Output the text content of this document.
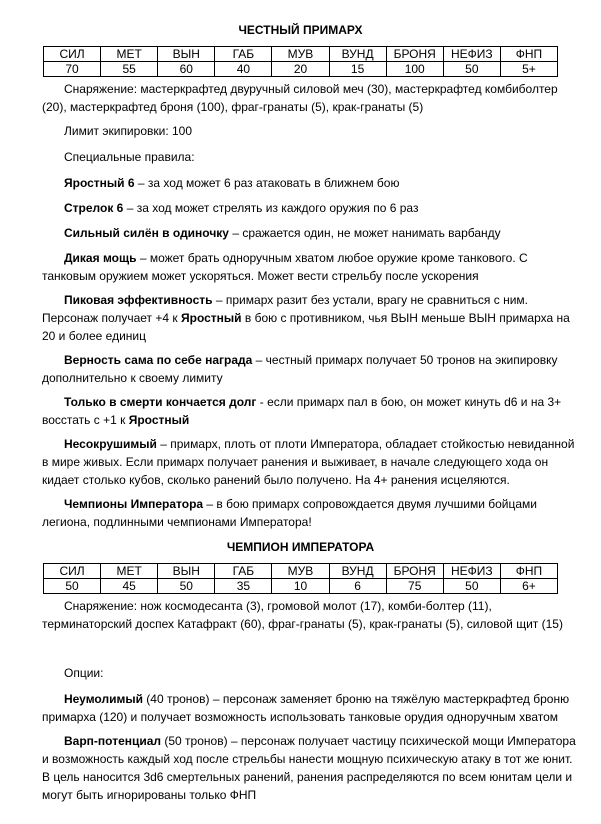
ЧЕСТНЫЙ ПРИМАРХ
СИЛ	МЕТ	ВЫН	ГАБ	МУВ	ВУНД	БРОНЯ	НЕФИЗ	ФНП
70	55	60	40	20	15	100	50	5+

Снаряжение: мастеркрафтед двуручный силовой меч (30), мастеркрафтед комбиболтер (20), мастеркрафтед броня (100), фраг-гранаты (5), крак-гранаты (5)

Лимит экипировки: 100

Специальные правила:

Яростный 6 – за ход может 6 раз атаковать в ближнем бою

Стрелок 6 – за ход может стрелять из каждого оружия по 6 раз

Сильный силён в одиночку – сражается один, не может нанимать варбанду

Дикая мощь – может брать одноручным хватом любое оружие кроме танкового. С танковым оружием может ускоряться. Может вести стрельбу после ускорения

Пиковая эффективность – примарх разит без устали, врагу не сравниться с ним. Персонаж получает +4 к Яростный в бою с противником, чья ВЫН меньше ВЫН примарха на 20 и более единиц

Верность сама по себе награда – честный примарх получает 50 тронов на экипировку дополнительно к своему лимиту

Только в смерти кончается долг - если примарх пал в бою, он может кинуть d6 и на 3+ восстать с +1 к Яростный

Несокрушимый – примарх, плоть от плоти Императора, обладает стойкостью невиданной в мире живых. Если примарх получает ранения и выживает, в начале следующего хода он кидает столько кубов, сколько ранений было получено. На 4+ ранения исцеляются.

Чемпионы Императора – в бою примарх сопровождается двумя лучшими бойцами легиона, подлинными чемпионами Императора!

ЧЕМПИОН ИМПЕРАТОРА
СИЛ	МЕТ	ВЫН	ГАБ	МУВ	ВУНД	БРОНЯ	НЕФИЗ	ФНП
50	45	50	35	10	6	75	50	6+

Снаряжение: нож космодесанта (3), громовой молот (17), комби-болтер (11), терминаторский доспех Катафракт (60), фраг-гранаты (5), крак-гранаты (5), силовой щит (15)

Опции:

Неумолимый (40 тронов) – персонаж заменяет броню на тяжёлую мастеркрафтед броню примарха (120) и получает возможность использовать танковые орудия одноручным хватом

Варп-потенциал (50 тронов) – персонаж получает частицу психической мощи Императора и возможность каждый ход после стрельбы нанести мощную психическую атаку в тот же юнит. В цель наносится 3d6 смертельных ранений, ранения распределяются по всем юнитам цели и могут быть игнорированы только ФНП
